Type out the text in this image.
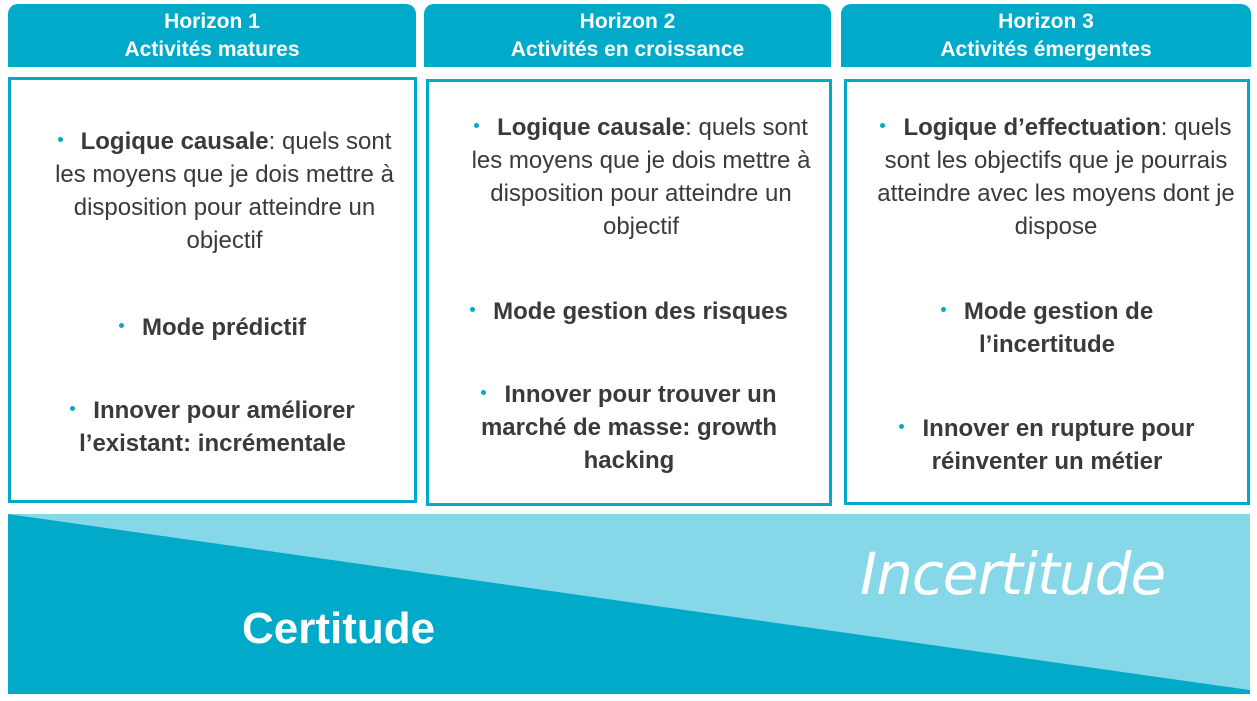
Horizon 1
Activités matures
Horizon 2
Activités en croissance
Horizon 3
Activités émergentes
Logique causale: quels sont les moyens que je dois mettre à disposition pour atteindre un objectif
Mode prédictif
Innover pour améliorer l’existant: incrémentale
Logique causale: quels sont les moyens que je dois mettre à disposition pour atteindre un objectif
Mode gestion des risques
Innover pour trouver un marché de masse: growth hacking
Logique d’effectuation: quels sont les objectifs que je pourrais atteindre avec les moyens dont je dispose
Mode gestion de l’incertitude
Innover en rupture pour réinventer un métier
Certitude
Incertitude
